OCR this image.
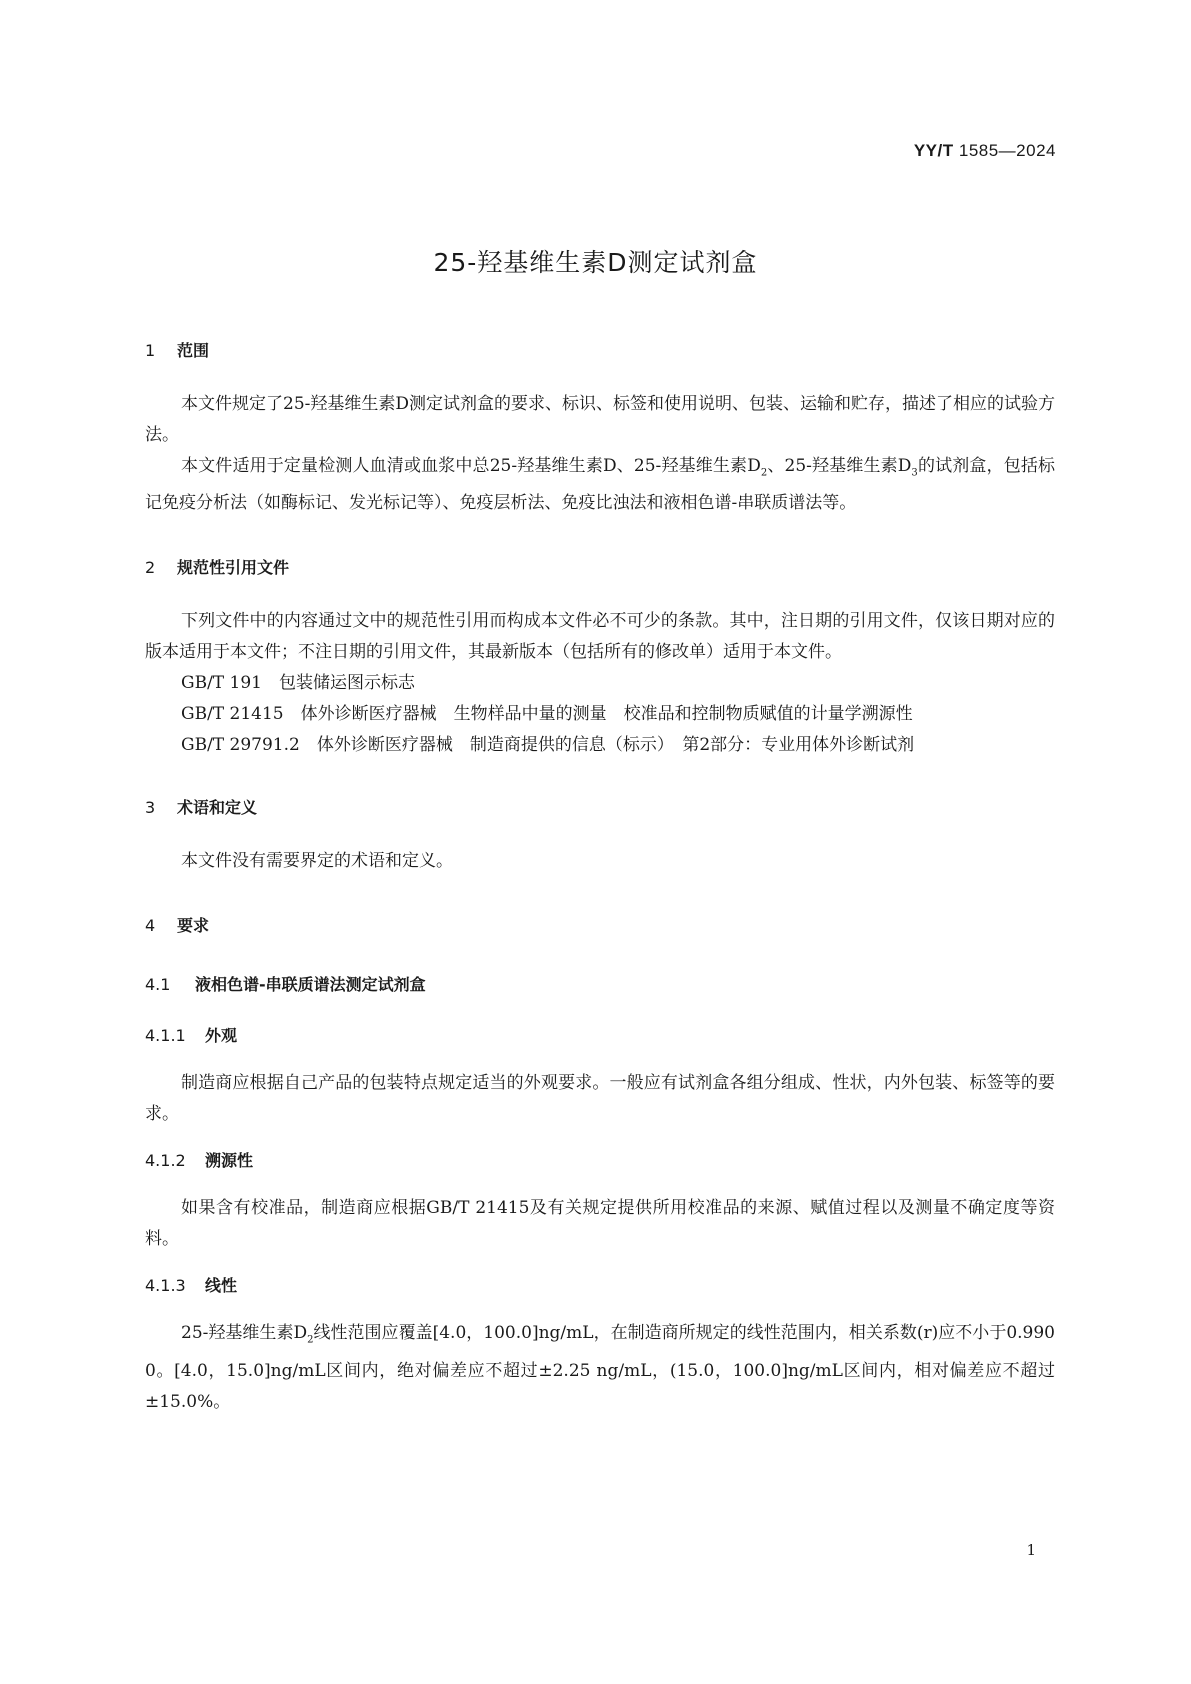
YY/T 1585—2024
25-羟基维生素D测定试剂盒
1 范围

本文件规定了25-羟基维生素D测定试剂盒的要求、标识、标签和使用说明、包装、运输和贮存，描述了相应的试验方法。

本文件适用于定量检测人血清或血浆中总25-羟基维生素D、25-羟基维生素$D_2$、25-羟基维生素$D_3$的试剂盒，包括标记免疫分析法（如酶标记、发光标记等）、免疫层析法、免疫比浊法和液相色谱-串联质谱法等。

2 规范性引用文件

下列文件中的内容通过文中的规范性引用而构成本文件必不可少的条款。其中，注日期的引用文件，仅该日期对应的版本适用于本文件；不注日期的引用文件，其最新版本（包括所有的修改单）适用于本文件。

GB/T 191　包装储运图示标志

GB/T 21415　体外诊断医疗器械　生物样品中量的测量　校准品和控制物质赋值的计量学溯源性

GB/T 29791.2　体外诊断医疗器械　制造商提供的信息（标示）　第2部分：专业用体外诊断试剂

3 术语和定义

本文件没有需要界定的术语和定义。

4 要求
4.1 液相色谱-串联质谱法测定试剂盒
4.1.1 外观

制造商应根据自己产品的包装特点规定适当的外观要求。一般应有试剂盒各组分组成、性状，内外包装、标签等的要求。

4.1.2 溯源性

如果含有校准品，制造商应根据GB/T 21415及有关规定提供所用校准品的来源、赋值过程以及测量不确定度等资料。

4.1.3 线性

25-羟基维生素$D_2$线性范围应覆盖[4.0，100.0]ng/mL，在制造商所规定的线性范围内，相关系数(r)应不小于0.990 0。[4.0，15.0]ng/mL区间内，绝对偏差应不超过±2.25 ng/mL，(15.0，100.0]ng/mL区间内，相对偏差应不超过±15.0%。

1
